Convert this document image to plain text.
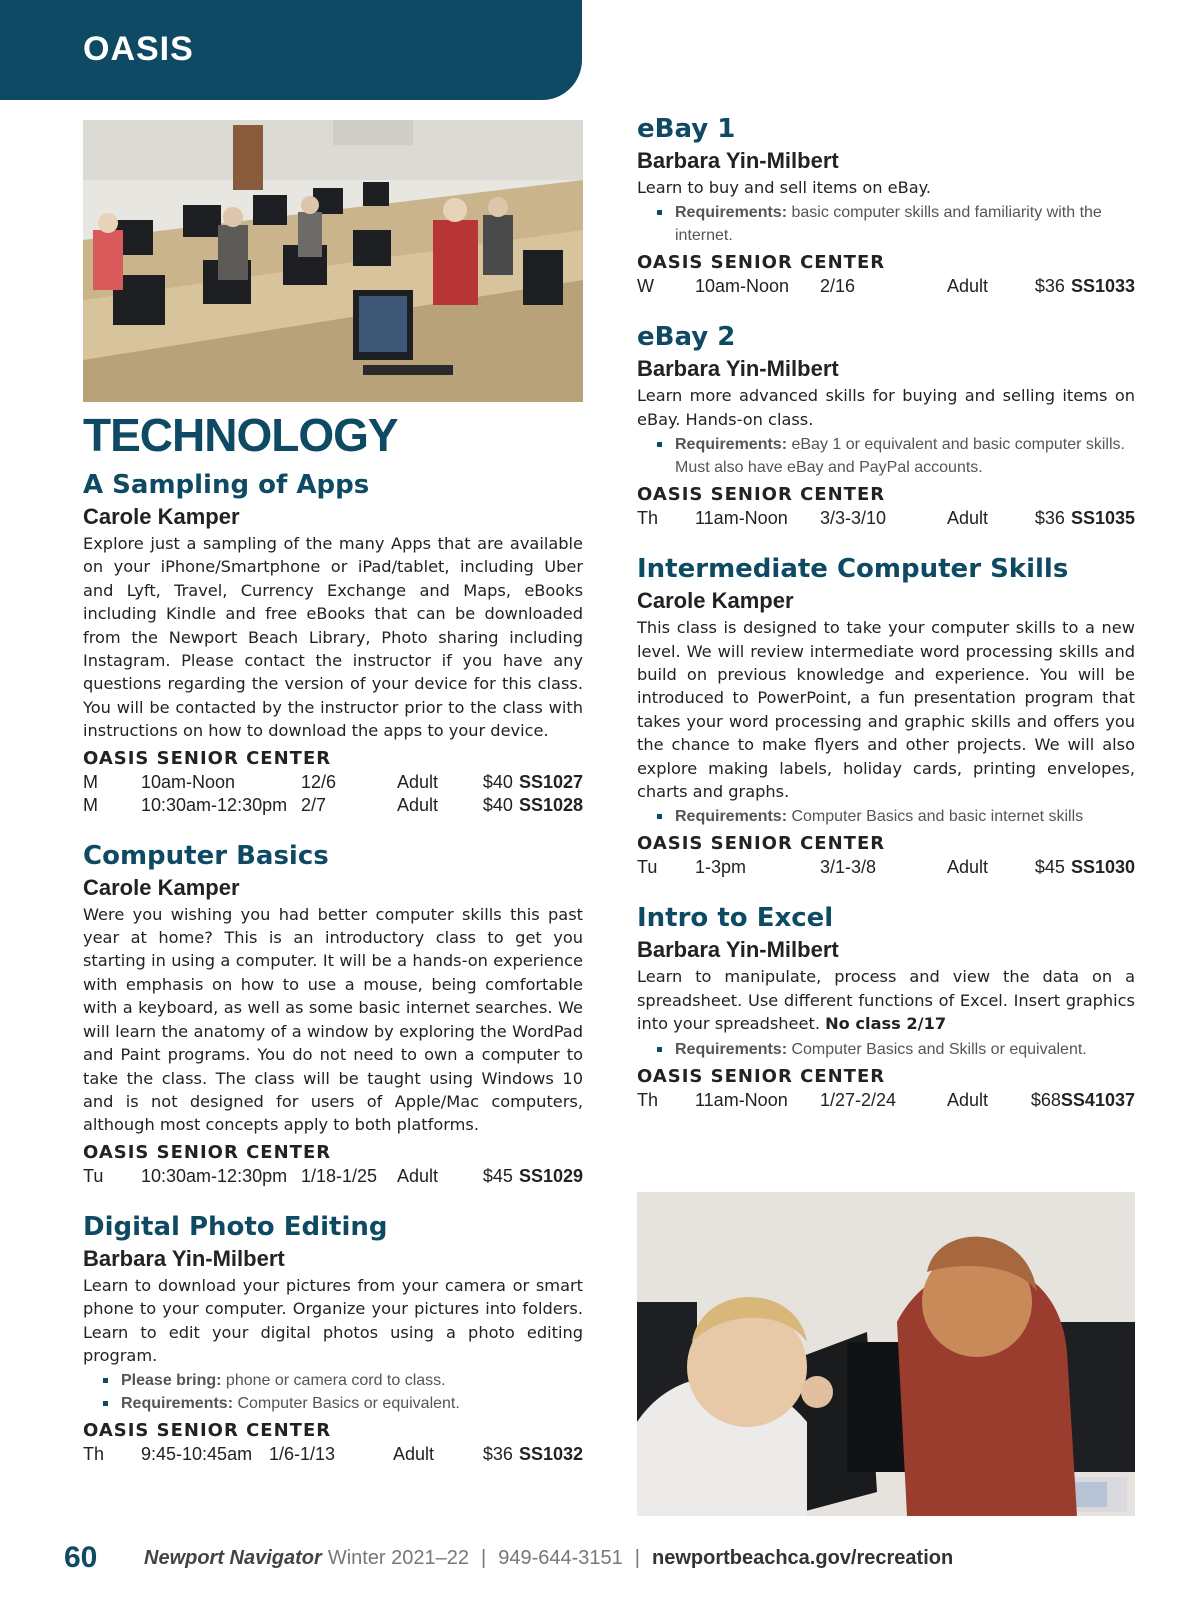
OASIS
TECHNOLOGY
A Sampling of Apps
Carole Kamper

Explore just a sampling of the many Apps that are available on your iPhone/Smartphone or iPad/tablet, including Uber and Lyft, Travel, Currency Exchange and Maps, eBooks including Kindle and free eBooks that can be downloaded from the Newport Beach Library, Photo sharing including Instagram. Please contact the instructor if you have any questions regarding the version of your device for this class. You will be contacted by the instructor prior to the class with instructions on how to download the apps to your device.

OASIS SENIOR CENTER
M	10am-Noon	12/6	Adult	$40 SS1027
M	10:30am-12:30pm 2/7	Adult	$40 SS1028
Computer Basics
Carole Kamper

Were you wishing you had better computer skills this past year at home? This is an introductory class to get you starting in using a computer. It will be a hands-on experience with emphasis on how to use a mouse, being comfortable with a keyboard, as well as some basic internet searches. We will learn the anatomy of a window by exploring the WordPad and Paint programs. You do not need to own a computer to take the class. The class will be taught using Windows 10 and is not designed for users of Apple/Mac computers, although most concepts apply to both platforms.

OASIS SENIOR CENTER
Tu	10:30am-12:30pm 1/18-1/25	Adult	$45 SS1029
Digital Photo Editing
Barbara Yin-Milbert

Learn to download your pictures from your camera or smart phone to your computer. Organize your pictures into folders. Learn to edit your digital photos using a photo editing program.

Please bring: phone or camera cord to class.
Requirements: Computer Basics or equivalent.
OASIS SENIOR CENTER
Th	9:45-10:45am 1/6-1/13	Adult	$36 SS1032
eBay 1
Barbara Yin-Milbert

Learn to buy and sell items on eBay.

Requirements: basic computer skills and familiarity with the internet.
OASIS SENIOR CENTER
W	10am-Noon	2/16	Adult	$36 SS1033
eBay 2
Barbara Yin-Milbert

Learn more advanced skills for buying and selling items on eBay. Hands-on class.

Requirements: eBay 1 or equivalent and basic computer skills. Must also have eBay and PayPal accounts.
OASIS SENIOR CENTER
Th	11am-Noon	3/3-3/10	Adult	$36 SS1035
Intermediate Computer Skills
Carole Kamper

This class is designed to take your computer skills to a new level. We will review intermediate word processing skills and build on previous knowledge and experience. You will be introduced to PowerPoint, a fun presentation program that takes your word processing and graphic skills and offers you the chance to make flyers and other projects. We will also explore making labels, holiday cards, printing envelopes, charts and graphs.

Requirements: Computer Basics and basic internet skills
OASIS SENIOR CENTER
Tu	1-3pm	3/1-3/8	Adult	$45 SS1030
Intro to Excel
Barbara Yin-Milbert

Learn to manipulate, process and view the data on a spreadsheet. Use different functions of Excel. Insert graphics into your spreadsheet. No class 2/17

Requirements: Computer Basics and Skills or equivalent.
OASIS SENIOR CENTER
Th	11am-Noon	1/27-2/24	Adult	$68 SS41037
60	Newport Navigator Winter 2021–22 | 949-644-3151 | newportbeachca.gov/recreation
